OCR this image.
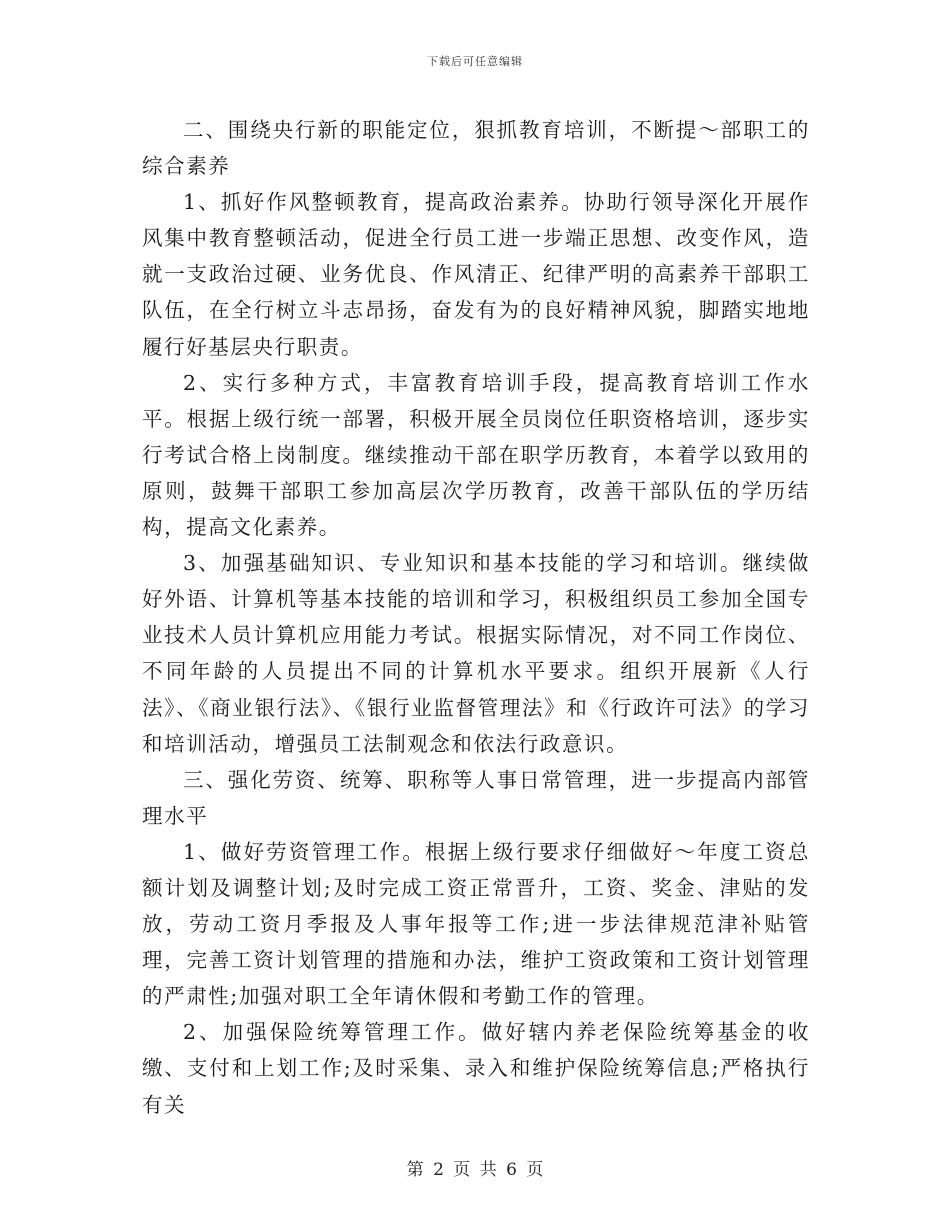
下载后可任意编辑

二、围绕央行新的职能定位，狠抓教育培训，不断提～部职工的综合素养

1、抓好作风整顿教育，提高政治素养。协助行领导深化开展作风集中教育整顿活动，促进全行员工进一步端正思想、改变作风，造就一支政治过硬、业务优良、作风清正、纪律严明的高素养干部职工队伍，在全行树立斗志昂扬，奋发有为的良好精神风貌，脚踏实地地履行好基层央行职责。

2、实行多种方式，丰富教育培训手段，提高教育培训工作水平。根据上级行统一部署，积极开展全员岗位任职资格培训，逐步实行考试合格上岗制度。继续推动干部在职学历教育，本着学以致用的原则，鼓舞干部职工参加高层次学历教育，改善干部队伍的学历结构，提高文化素养。

3、加强基础知识、专业知识和基本技能的学习和培训。继续做好外语、计算机等基本技能的培训和学习，积极组织员工参加全国专业技术人员计算机应用能力考试。根据实际情况，对不同工作岗位、不同年龄的人员提出不同的计算机水平要求。组织开展新《人行法》、《商业银行法》、《银行业监督管理法》和《行政许可法》的学习和培训活动，增强员工法制观念和依法行政意识。

三、强化劳资、统筹、职称等人事日常管理，进一步提高内部管理水平

1、做好劳资管理工作。根据上级行要求仔细做好～年度工资总额计划及调整计划;及时完成工资正常晋升，工资、奖金、津贴的发放，劳动工资月季报及人事年报等工作;进一步法律规范津补贴管理，完善工资计划管理的措施和办法，维护工资政策和工资计划管理的严肃性;加强对职工全年请休假和考勤工作的管理。

2、加强保险统筹管理工作。做好辖内养老保险统筹基金的收缴、支付和上划工作;及时采集、录入和维护保险统筹信息;严格执行有关

第 2 页 共 6 页
